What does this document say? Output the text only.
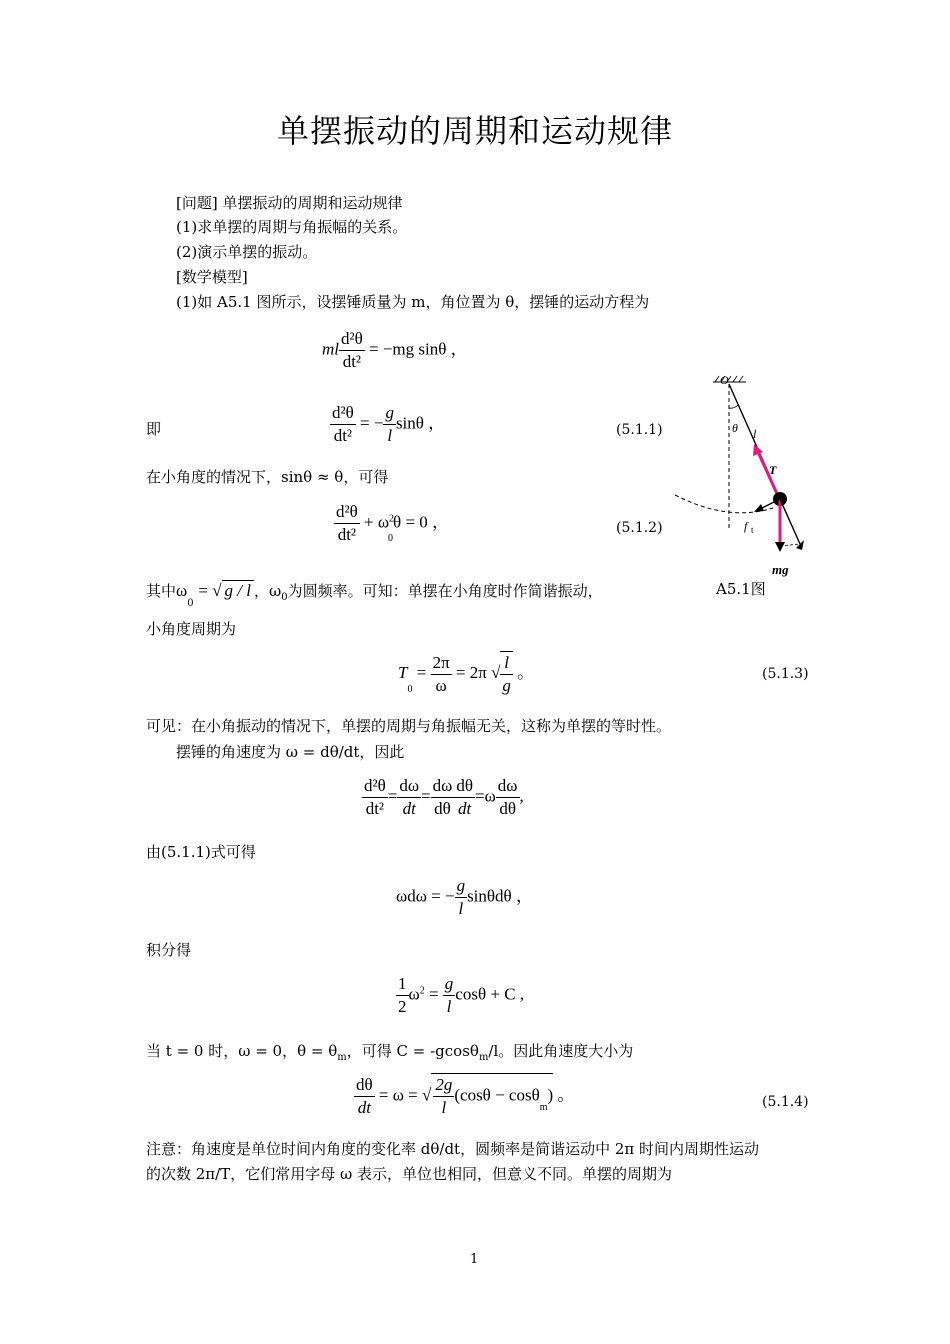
单摆振动的周期和运动规律
[问题] 单摆振动的周期和运动规律
(1)求单摆的周期与角振幅的关系。
(2)演示单摆的振动。
[数学模型]
(1)如 A5.1 图所示，设摆锤质量为 m，角位置为 θ，摆锤的运动方程为
ml $\frac{\text{d²θ}}{\text{dt²}} = -mg$ sinθ ，
即	$\frac{\text{d²θ}}{\text{dt²}}$ = − $\frac{g}{l}$ sinθ ，	(5.1.1)
在小角度的情况下，sinθ ≈ θ，可得
$\frac{\text{d²θ}}{\text{dt²}} + \omega^2_0\theta = 0$ ，	(5.1.2)
其中$\omega_0$ = √ g / l ，$\omega_0$为圆频率。可知：单摆在小角度时作简谐振动，
小角度周期为
$T_0 = \frac{2\pi}{\omega} = 2\pi$ √ $\frac{l}{g}$ 。	(5.1.3)
可见：在小角振动的情况下，单摆的周期与角振幅无关，这称为单摆的等时性。
摆锤的角速度为 ω = dθ/dt，因此
$\frac{\text{d²θ}}{\text{dt²}} = \frac{d\omega}{dt} = \frac{d\omega}{d\theta} \frac{d\theta}{dt} =\omega \frac{d\omega}{d\theta}$ ,
由(5.1.1)式可得
ωdω = − $\frac{g}{l}$ sinθdθ ，
积分得
$\frac{1}{2} \omega^2 = \frac{g}{l}$ cosθ + C ,
当 t = 0 时，ω = 0，$\theta = \theta_m$，可得 C = -gcosθ$_m$/l。因此角速度大小为
$\frac{d\theta}{dt} = \omega$ = √ $\frac{2g}{l} (\cos\theta - \cos\theta_m)$ 。	(5.1.4)
注意：角速度是单位时间内角度的变化率 dθ/dt，圆频率是简谐运动中 2π 时间内周期性运动
的次数 2π/T，它们常用字母 ω 表示，单位也相同，但意义不同。单摆的周期为
1
O
θ l
T
f t
mg
A5.1图
